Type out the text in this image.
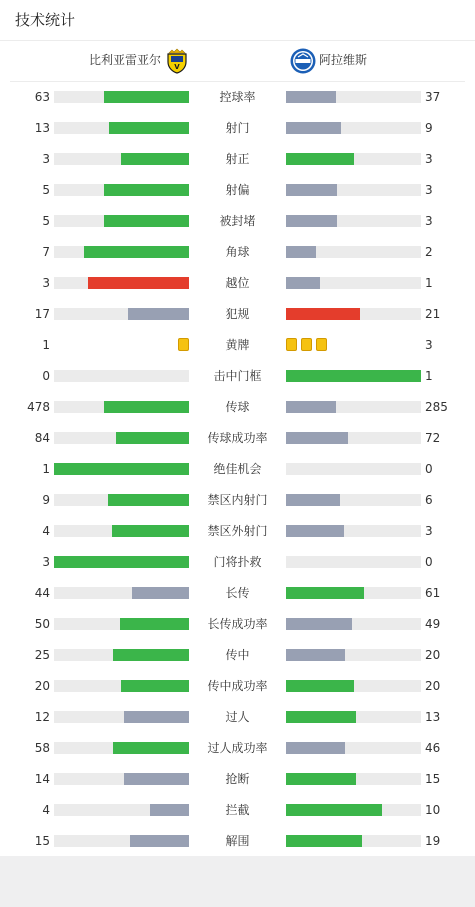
技术统计
比利亚雷亚尔 V	阿拉维斯
63	控球率	37
13	射门	9
3	射正	3
5	射偏	3
5	被封堵	3
7	角球	2
3	越位	1
17	犯规	21
1	黄牌	3
0	击中门框	1
478	传球	285
84	传球成功率	72
1	绝佳机会	0
9	禁区内射门	6
4	禁区外射门	3
3	门将扑救	0
44	长传	61
50	长传成功率	49
25	传中	20
20	传中成功率	20
12	过人	13
58	过人成功率	46
14	抢断	15
4	拦截	10
15	解围	19
